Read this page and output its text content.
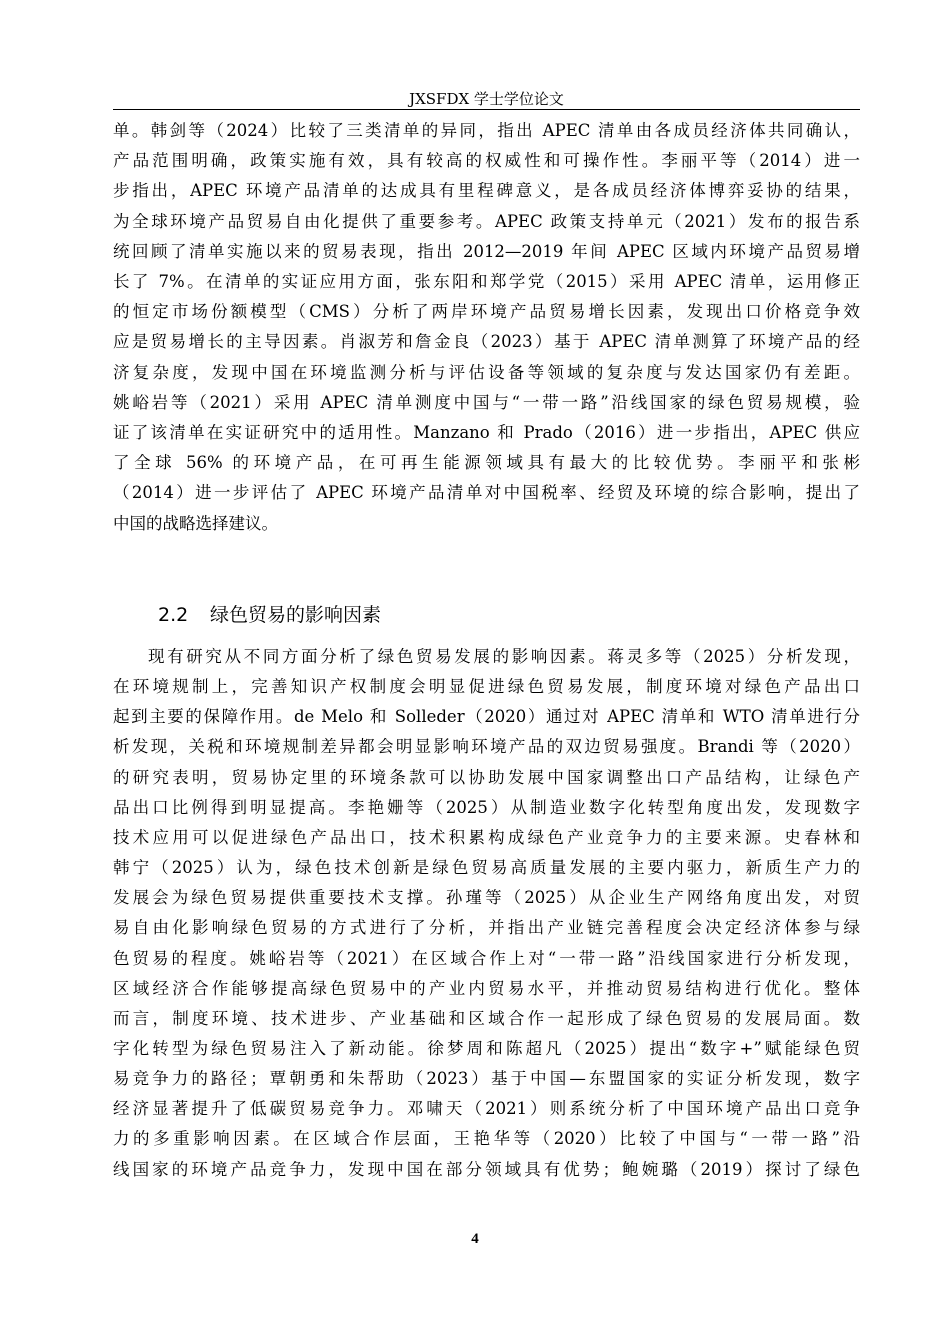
JXSFDX 学士学位论文
单。韩剑等（2024）比较了三类清单的异同，指出 APEC 清单由各成员经济体共同确认，
产品范围明确，政策实施有效，具有较高的权威性和可操作性。李丽平等（2014）进一
步指出，APEC 环境产品清单的达成具有里程碑意义，是各成员经济体博弈妥协的结果，
为全球环境产品贸易自由化提供了重要参考。APEC 政策支持单元（2021）发布的报告系
统回顾了清单实施以来的贸易表现，指出 2012—2019 年间 APEC 区域内环境产品贸易增
长了 7%。在清单的实证应用方面，张东阳和郑学党（2015）采用 APEC 清单，运用修正
的恒定市场份额模型（CMS）分析了两岸环境产品贸易增长因素，发现出口价格竞争效
应是贸易增长的主导因素。肖淑芳和詹金良（2023）基于 APEC 清单测算了环境产品的经
济复杂度，发现中国在环境监测分析与评估设备等领域的复杂度与发达国家仍有差距。
姚峪岩等（2021）采用 APEC 清单测度中国与“一带一路”沿线国家的绿色贸易规模，验
证了该清单在实证研究中的适用性。Manzano 和 Prado（2016）进一步指出，APEC 供应
了全球 56% 的环境产品，在可再生能源领域具有最大的比较优势。李丽平和张彬
（2014）进一步评估了 APEC 环境产品清单对中国税率、经贸及环境的综合影响，提出了
中国的战略选择建议。
2.2 绿色贸易的影响因素
现有研究从不同方面分析了绿色贸易发展的影响因素。蒋灵多等（2025）分析发现，
在环境规制上，完善知识产权制度会明显促进绿色贸易发展，制度环境对绿色产品出口
起到主要的保障作用。de Melo 和 Solleder（2020）通过对 APEC 清单和 WTO 清单进行分
析发现，关税和环境规制差异都会明显影响环境产品的双边贸易强度。Brandi 等（2020）
的研究表明，贸易协定里的环境条款可以协助发展中国家调整出口产品结构，让绿色产
品出口比例得到明显提高。李艳姗等（2025）从制造业数字化转型角度出发，发现数字
技术应用可以促进绿色产品出口，技术积累构成绿色产业竞争力的主要来源。史春林和
韩宁（2025）认为，绿色技术创新是绿色贸易高质量发展的主要内驱力，新质生产力的
发展会为绿色贸易提供重要技术支撑。孙瑾等（2025）从企业生产网络角度出发，对贸
易自由化影响绿色贸易的方式进行了分析，并指出产业链完善程度会决定经济体参与绿
色贸易的程度。姚峪岩等（2021）在区域合作上对“一带一路”沿线国家进行分析发现，
区域经济合作能够提高绿色贸易中的产业内贸易水平，并推动贸易结构进行优化。整体
而言，制度环境、技术进步、产业基础和区域合作一起形成了绿色贸易的发展局面。数
字化转型为绿色贸易注入了新动能。徐梦周和陈超凡（2025）提出“数字+”赋能绿色贸
易竞争力的路径；覃朝勇和朱帮助（2023）基于中国—东盟国家的实证分析发现，数字
经济显著提升了低碳贸易竞争力。邓啸天（2021）则系统分析了中国环境产品出口竞争
力的多重影响因素。在区域合作层面，王艳华等（2020）比较了中国与“一带一路”沿
线国家的环境产品竞争力，发现中国在部分领域具有优势；鲍婉璐（2019）探讨了绿色
4
